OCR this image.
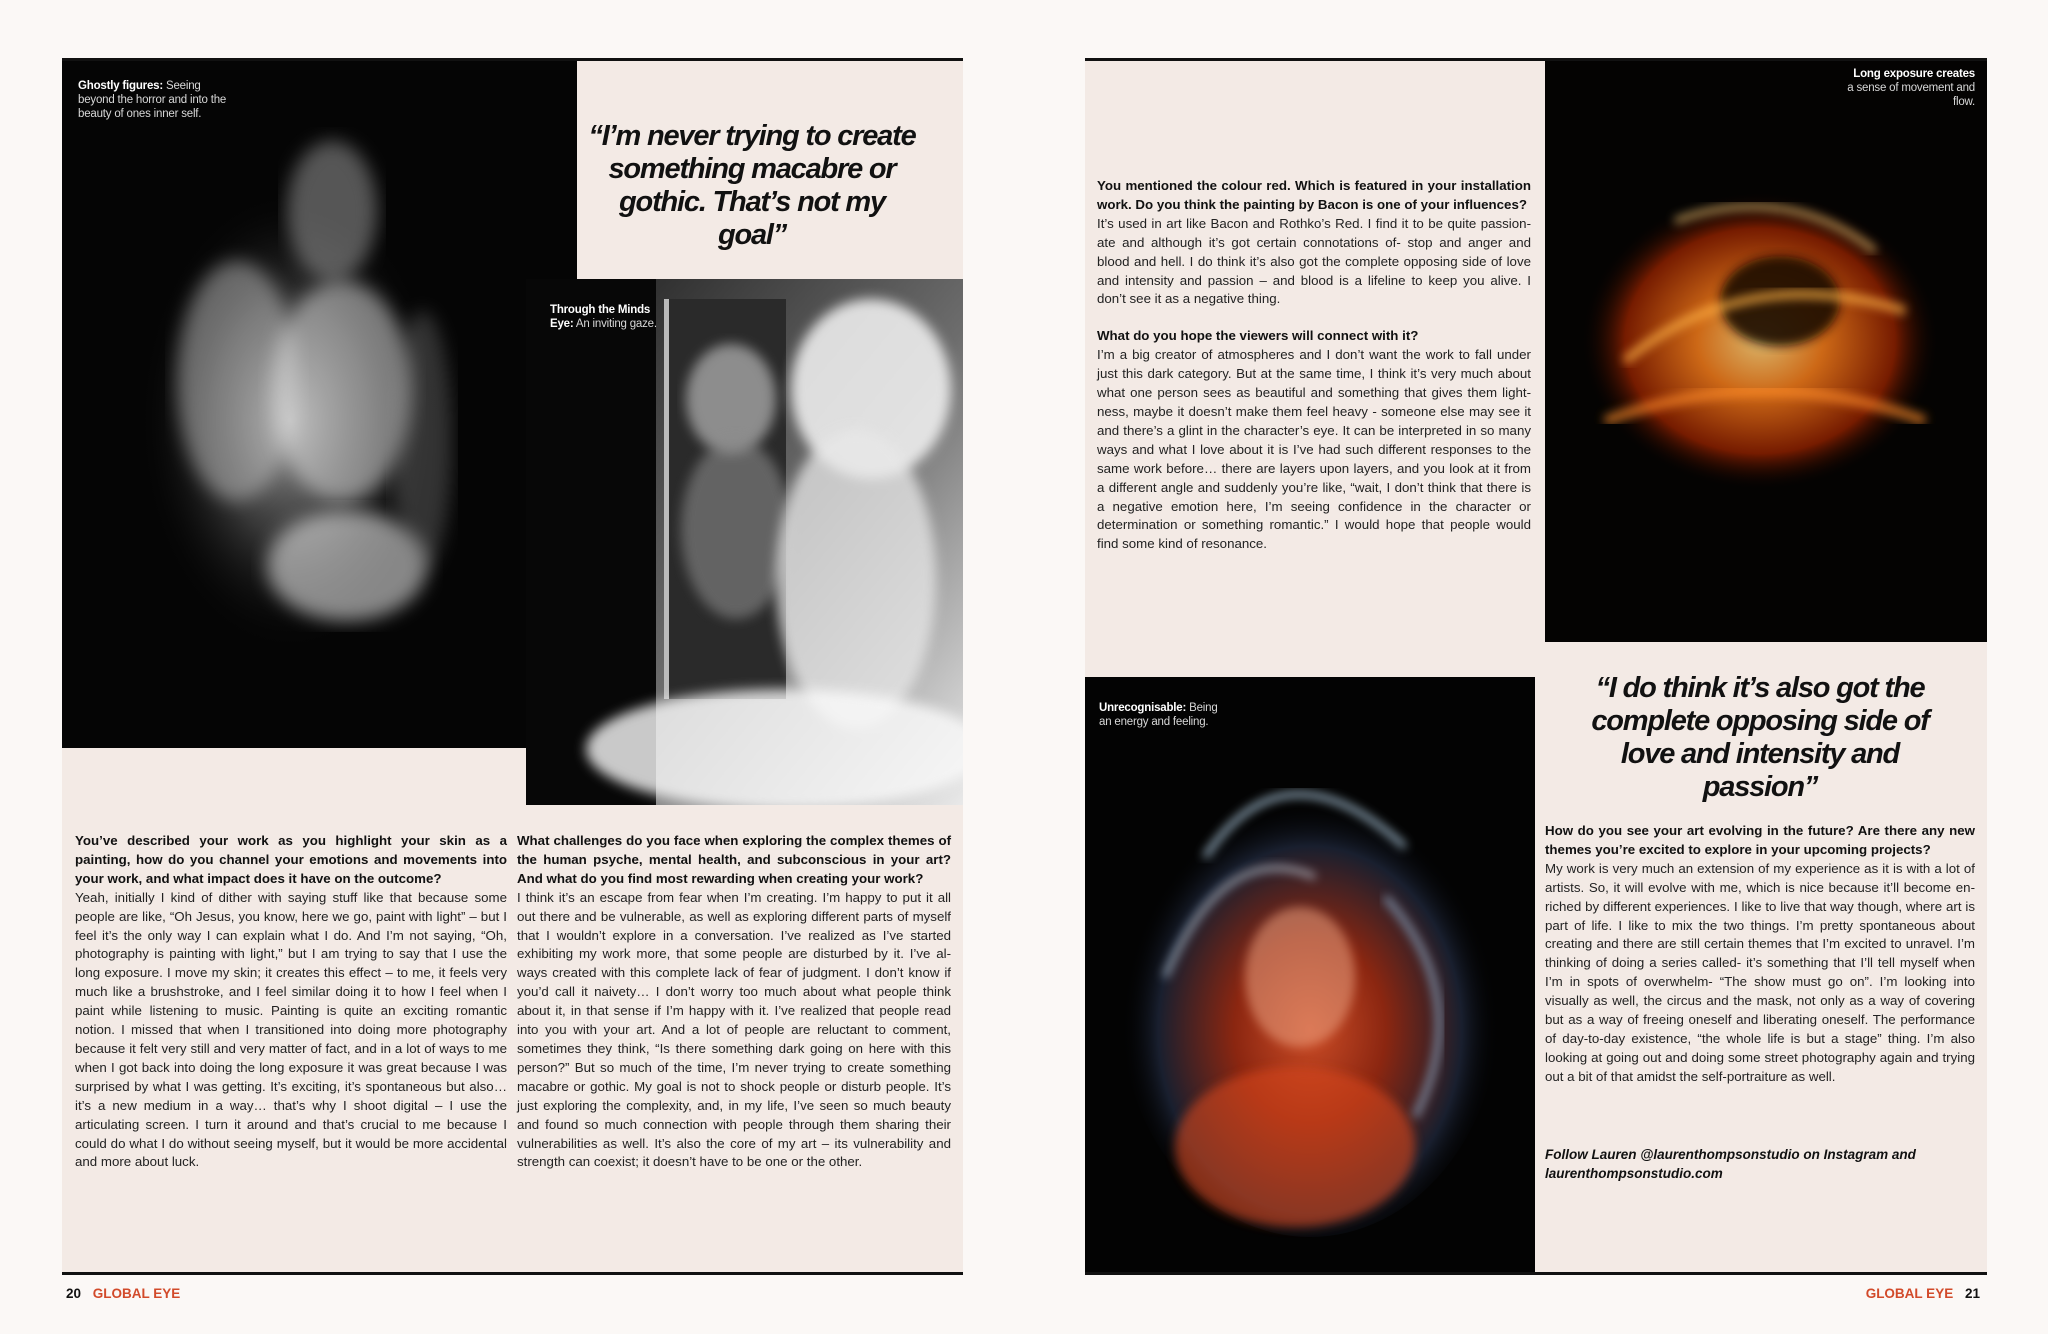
Ghostly figures: Seeing beyond the horror and into the beauty of ones inner self.
“I’m never trying to create something macabre or gothic. That’s not my goal”
Through the Minds Eye: An inviting gaze.
You’ve described your work as you highlight your skin as a painting, how do you channel your emotions and movements into your work, and what impact does it have on the outcome?
Yeah, initially I kind of dither with saying stuff like that because some people are like, “Oh Jesus, you know, here we go, paint with light” – but I feel it’s the only way I can explain what I do. And I’m not saying, “Oh, photography is painting with light,” but I am trying to say that I use the long exposure. I move my skin; it creates this effect – to me, it feels very much like a brushstroke, and I feel similar doing it to how I feel when I paint while listening to music. Painting is quite an exciting romantic notion. I missed that when I transitioned into doing more photography because it felt very still and very matter of fact, and in a lot of ways to me when I got back into doing the long exposure it was great because I was surprised by what I was getting. It’s exciting, it’s spontaneous but also… it’s a new medium in a way… that’s why I shoot digital – I use the articulating screen. I turn it around and that’s crucial to me because I could do what I do without seeing myself, but it would be more accidental and more about luck.
What challenges do you face when exploring the complex themes of the human psyche, mental health, and subconscious in your art? And what do you find most rewarding when creating your work?
I think it’s an escape from fear when I’m creating. I’m happy to put it all out there and be vulnerable, as well as exploring different parts of myself that I wouldn’t explore in a conversation. I’ve realized as I’ve started exhibiting my work more, that some people are disturbed by it. I’ve always created with this complete lack of fear of judgment. I don’t know if you’d call it naivety… I don’t worry too much about what people think about it, in that sense if I’m happy with it. I’ve realized that people read into you with your art. And a lot of people are reluctant to comment, sometimes they think, “Is there something dark going on here with this person?” But so much of the time, I’m never trying to create something macabre or gothic. My goal is not to shock people or disturb people. It’s just exploring the complexity, and, in my life, I’ve seen so much beauty and found so much connection with people through them sharing their vulnerabilities as well. It’s also the core of my art – its vulnerability and strength can coexist; it doesn’t have to be one or the other.
20 GLOBAL EYE
You mentioned the colour red. Which is featured in your installation work. Do you think the painting by Bacon is one of your influences?
It’s used in art like Bacon and Rothko’s Red. I find it to be quite passionate and although it’s got certain connotations of- stop and anger and blood and hell. I do think it’s also got the complete opposing side of love and intensity and passion – and blood is a lifeline to keep you alive. I don’t see it as a negative thing.
What do you hope the viewers will connect with it?
I’m a big creator of atmospheres and I don’t want the work to fall under just this dark category. But at the same time, I think it’s very much about what one person sees as beautiful and something that gives them lightness, maybe it doesn’t make them feel heavy - someone else may see it and there’s a glint in the character’s eye. It can be interpreted in so many ways and what I love about it is I’ve had such different responses to the same work before… there are layers upon layers, and you look at it from a different angle and suddenly you’re like, “wait, I don’t think that there is a negative emotion here, I’m seeing confidence in the character or determination or something romantic.” I would hope that people would find some kind of resonance.
Long exposure creates a sense of movement and flow.
Unrecognisable: Being an energy and feeling.
“I do think it’s also got the complete opposing side of love and intensity and passion”
How do you see your art evolving in the future? Are there any new themes you’re excited to explore in your upcoming projects?
My work is very much an extension of my experience as it is with a lot of artists. So, it will evolve with me, which is nice because it’ll become enriched by different experiences. I like to live that way though, where art is part of life. I like to mix the two things. I’m pretty spontaneous about creating and there are still certain themes that I’m excited to unravel. I’m thinking of doing a series called- it’s something that I’ll tell myself when I’m in spots of overwhelm- “The show must go on”. I’m looking into visually as well, the circus and the mask, not only as a way of covering but as a way of freeing oneself and liberating oneself. The performance of day-to-day existence, “the whole life is but a stage” thing. I’m also looking at going out and doing some street photography again and trying out a bit of that amidst the self-portraiture as well.
Follow Lauren @laurenthompsonstudio on Instagram and laurenthompsonstudio.com
GLOBAL EYE 21
